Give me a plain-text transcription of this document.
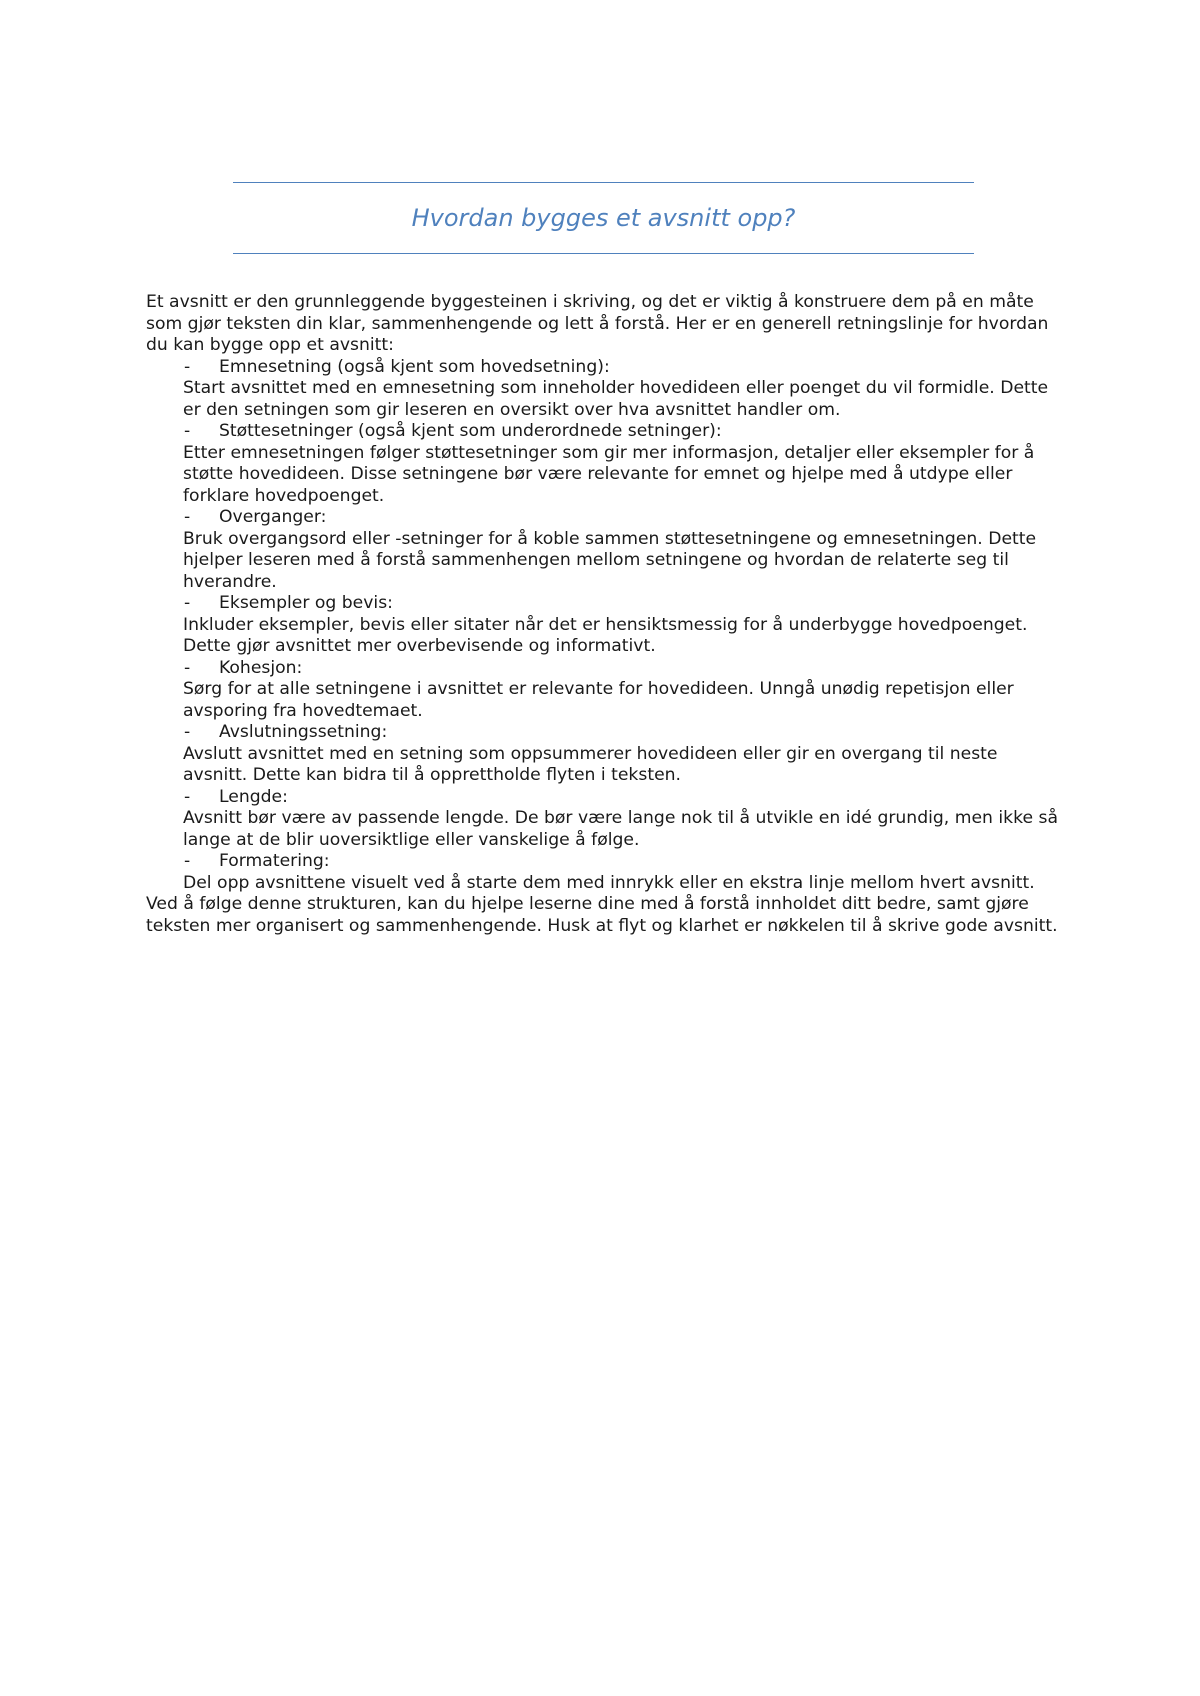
Hvordan bygges et avsnitt opp?

Et avsnitt er den grunnleggende byggesteinen i skriving, og det er viktig å konstruere dem på en måte som gjør teksten din klar, sammenhengende og lett å forstå. Her er en generell retningslinje for hvordan du kan bygge opp et avsnitt:

- Emnesetning (også kjent som hovedsetning):

Start avsnittet med en emnesetning som inneholder hovedideen eller poenget du vil formidle. Dette er den setningen som gir leseren en oversikt over hva avsnittet handler om.

- Støttesetninger (også kjent som underordnede setninger):

Etter emnesetningen følger støttesetninger som gir mer informasjon, detaljer eller eksempler for å støtte hovedideen. Disse setningene bør være relevante for emnet og hjelpe med å utdype eller forklare hovedpoenget.

- Overganger:

Bruk overgangsord eller -setninger for å koble sammen støttesetningene og emnesetningen. Dette hjelper leseren med å forstå sammenhengen mellom setningene og hvordan de relaterte seg til hverandre.

- Eksempler og bevis:

Inkluder eksempler, bevis eller sitater når det er hensiktsmessig for å underbygge hovedpoenget. Dette gjør avsnittet mer overbevisende og informativt.

- Kohesjon:

Sørg for at alle setningene i avsnittet er relevante for hovedideen. Unngå unødig repetisjon eller avsporing fra hovedtemaet.

- Avslutningssetning:

Avslutt avsnittet med en setning som oppsummerer hovedideen eller gir en overgang til neste avsnitt. Dette kan bidra til å opprettholde flyten i teksten.

- Lengde:

Avsnitt bør være av passende lengde. De bør være lange nok til å utvikle en idé grundig, men ikke så lange at de blir uoversiktlige eller vanskelige å følge.

- Formatering:

Del opp avsnittene visuelt ved å starte dem med innrykk eller en ekstra linje mellom hvert avsnitt.

Ved å følge denne strukturen, kan du hjelpe leserne dine med å forstå innholdet ditt bedre, samt gjøre teksten mer organisert og sammenhengende. Husk at flyt og klarhet er nøkkelen til å skrive gode avsnitt.
